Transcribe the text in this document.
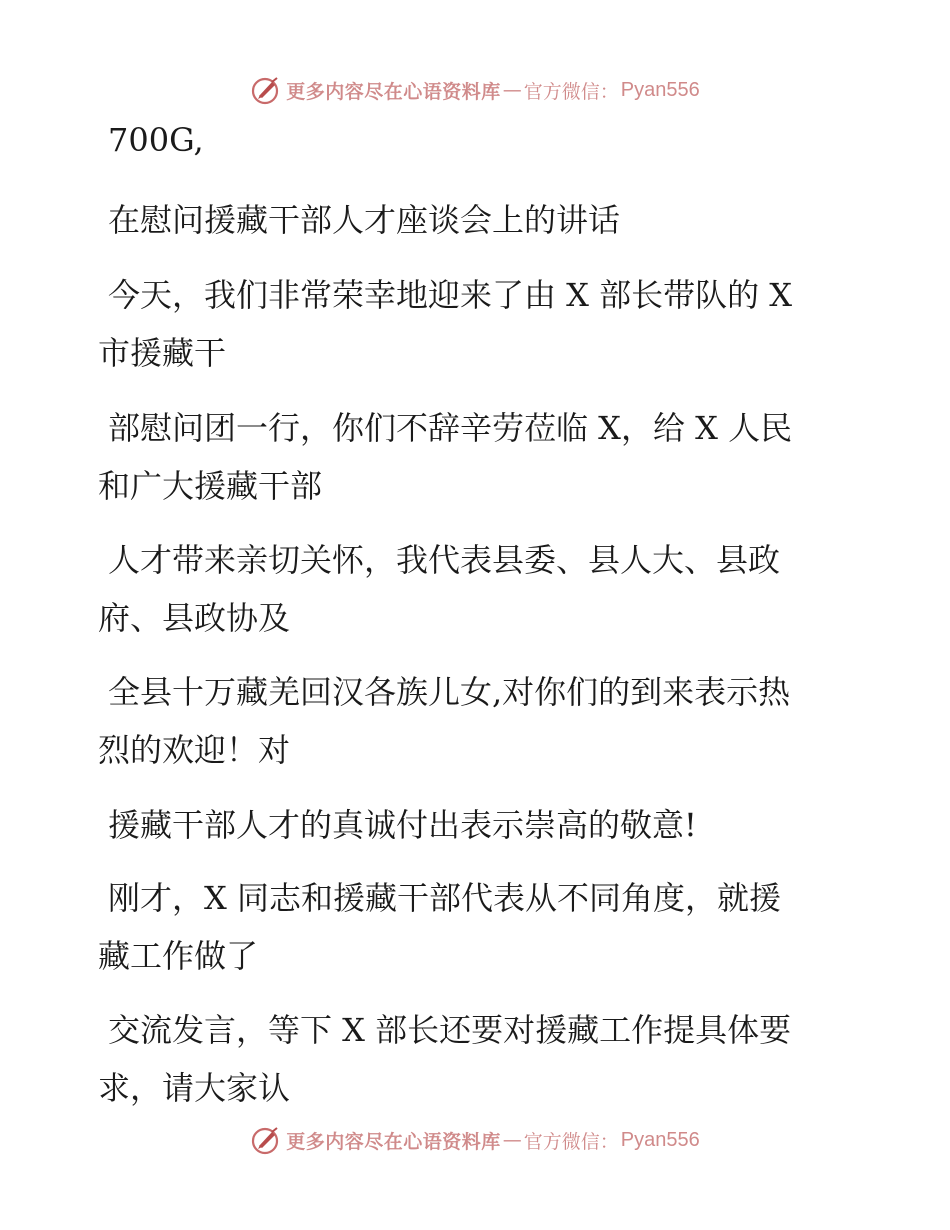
更多内容尽在心语资料库 — 官方微信： Pyan556
700G,
在慰问援藏干部人才座谈会上的讲话
今天，我们非常荣幸地迎来了由 X 部长带队的 X
市援藏干
部慰问团一行，你们不辞辛劳莅临 X，给 X 人民
和广大援藏干部
人才带来亲切关怀，我代表县委、县人大、县政
府、县政协及
全县十万藏羌回汉各族儿女,对你们的到来表示热
烈的欢迎！对
援藏干部人才的真诚付出表示崇高的敬意!
刚才，X 同志和援藏干部代表从不同角度，就援
藏工作做了
交流发言，等下 X 部长还要对援藏工作提具体要
求，请大家认
更多内容尽在心语资料库 — 官方微信： Pyan556
